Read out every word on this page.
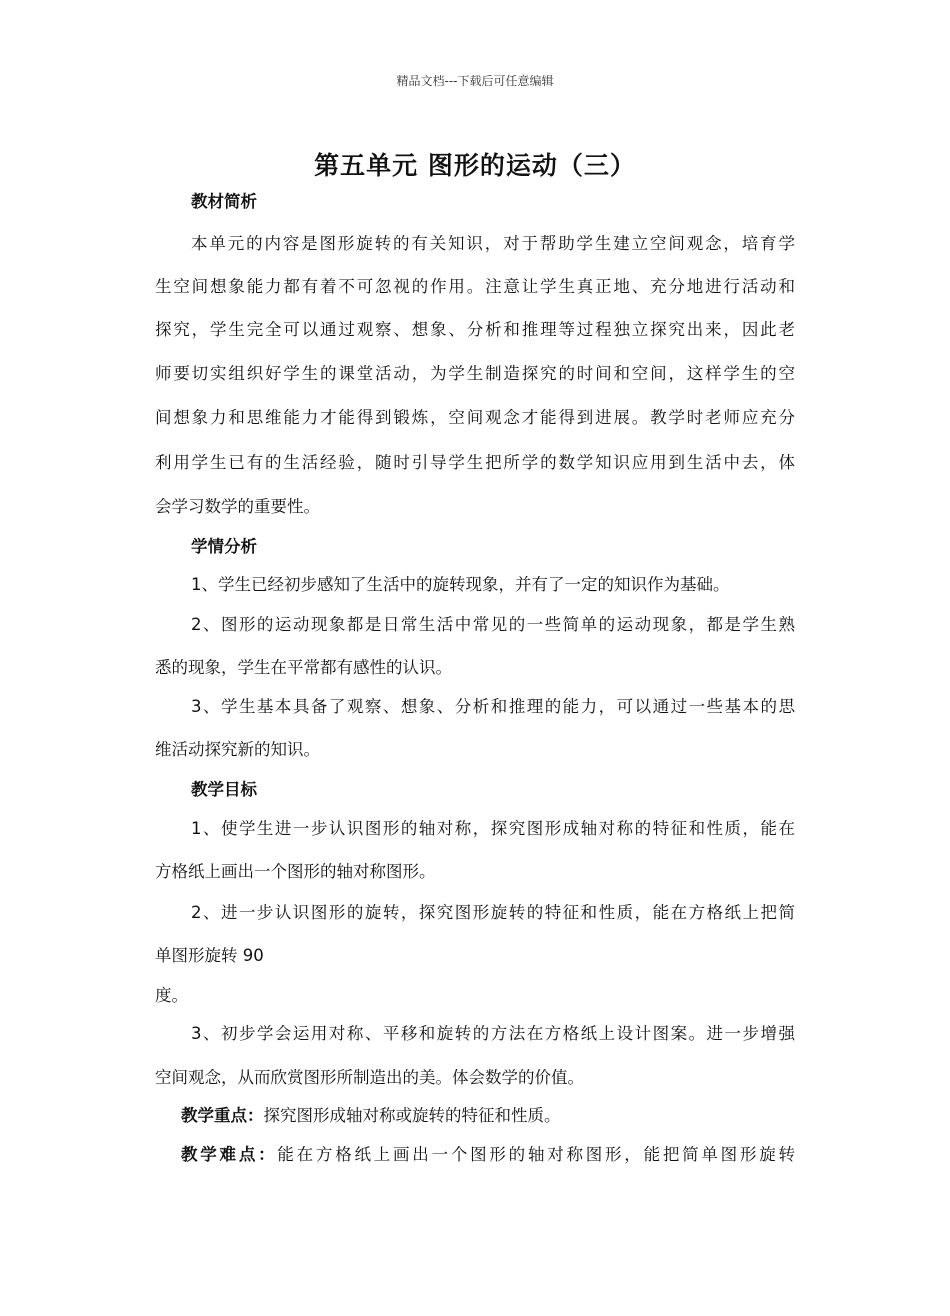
精品文档---下载后可任意编辑
第五单元 图形的运动（三）

教材简析

本单元的内容是图形旋转的有关知识，对于帮助学生建立空间观念，培育学

生空间想象能力都有着不可忽视的作用。注意让学生真正地、充分地进行活动和

探究，学生完全可以通过观察、想象、分析和推理等过程独立探究出来，因此老

师要切实组织好学生的课堂活动，为学生制造探究的时间和空间，这样学生的空

间想象力和思维能力才能得到锻炼，空间观念才能得到进展。教学时老师应充分

利用学生已有的生活经验，随时引导学生把所学的数学知识应用到生活中去，体

会学习数学的重要性。

学情分析

1、学生已经初步感知了生活中的旋转现象，并有了一定的知识作为基础。

2、图形的运动现象都是日常生活中常见的一些简单的运动现象，都是学生熟

悉的现象，学生在平常都有感性的认识。

3、学生基本具备了观察、想象、分析和推理的能力，可以通过一些基本的思

维活动探究新的知识。

教学目标

1、使学生进一步认识图形的轴对称，探究图形成轴对称的特征和性质，能在

方格纸上画出一个图形的轴对称图形。

2、进一步认识图形的旋转，探究图形旋转的特征和性质，能在方格纸上把简

单图形旋转 90

度。

3、初步学会运用对称、平移和旋转的方法在方格纸上设计图案。进一步增强

空间观念，从而欣赏图形所制造出的美。体会数学的价值。

教学重点：探究图形成轴对称或旋转的特征和性质。

教学难点：能在方格纸上画出一个图形的轴对称图形，能把简单图形旋转
